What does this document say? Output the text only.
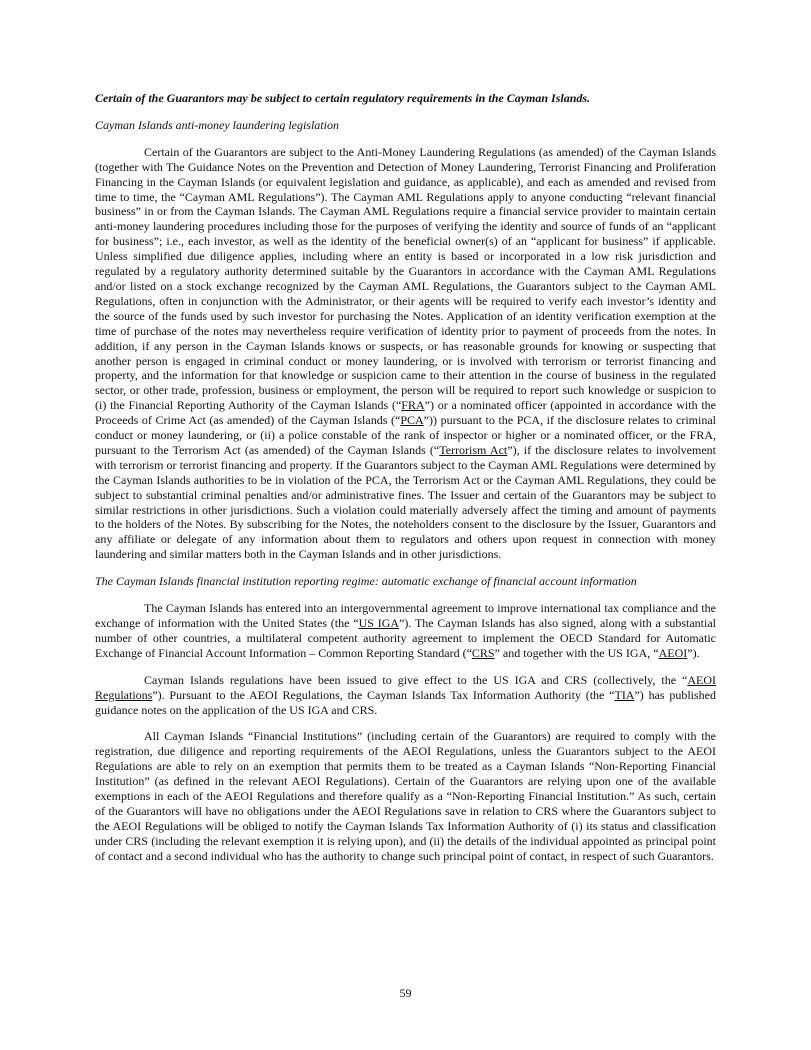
Certain of the Guarantors may be subject to certain regulatory requirements in the Cayman Islands.
Cayman Islands anti-money laundering legislation
Certain of the Guarantors are subject to the Anti-Money Laundering Regulations (as amended) of the Cayman Islands (together with The Guidance Notes on the Prevention and Detection of Money Laundering, Terrorist Financing and Proliferation Financing in the Cayman Islands (or equivalent legislation and guidance, as applicable), and each as amended and revised from time to time, the “Cayman AML Regulations”). The Cayman AML Regulations apply to anyone conducting “relevant financial business” in or from the Cayman Islands. The Cayman AML Regulations require a financial service provider to maintain certain anti-money laundering procedures including those for the purposes of verifying the identity and source of funds of an “applicant for business”; i.e., each investor, as well as the identity of the beneficial owner(s) of an “applicant for business” if applicable. Unless simplified due diligence applies, including where an entity is based or incorporated in a low risk jurisdiction and regulated by a regulatory authority determined suitable by the Guarantors in accordance with the Cayman AML Regulations and/or listed on a stock exchange recognized by the Cayman AML Regulations, the Guarantors subject to the Cayman AML Regulations, often in conjunction with the Administrator, or their agents will be required to verify each investor’s identity and the source of the funds used by such investor for purchasing the Notes. Application of an identity verification exemption at the time of purchase of the notes may nevertheless require verification of identity prior to payment of proceeds from the notes. In addition, if any person in the Cayman Islands knows or suspects, or has reasonable grounds for knowing or suspecting that another person is engaged in criminal conduct or money laundering, or is involved with terrorism or terrorist financing and property, and the information for that knowledge or suspicion came to their attention in the course of business in the regulated sector, or other trade, profession, business or employment, the person will be required to report such knowledge or suspicion to (i) the Financial Reporting Authority of the Cayman Islands (“FRA”) or a nominated officer (appointed in accordance with the Proceeds of Crime Act (as amended) of the Cayman Islands (“PCA”)) pursuant to the PCA, if the disclosure relates to criminal conduct or money laundering, or (ii) a police constable of the rank of inspector or higher or a nominated officer, or the FRA, pursuant to the Terrorism Act (as amended) of the Cayman Islands (“Terrorism Act”), if the disclosure relates to involvement with terrorism or terrorist financing and property. If the Guarantors subject to the Cayman AML Regulations were determined by the Cayman Islands authorities to be in violation of the PCA, the Terrorism Act or the Cayman AML Regulations, they could be subject to substantial criminal penalties and/or administrative fines. The Issuer and certain of the Guarantors may be subject to similar restrictions in other jurisdictions. Such a violation could materially adversely affect the timing and amount of payments to the holders of the Notes. By subscribing for the Notes, the noteholders consent to the disclosure by the Issuer, Guarantors and any affiliate or delegate of any information about them to regulators and others upon request in connection with money laundering and similar matters both in the Cayman Islands and in other jurisdictions.
The Cayman Islands financial institution reporting regime: automatic exchange of financial account information
The Cayman Islands has entered into an intergovernmental agreement to improve international tax compliance and the exchange of information with the United States (the “US IGA”). The Cayman Islands has also signed, along with a substantial number of other countries, a multilateral competent authority agreement to implement the OECD Standard for Automatic Exchange of Financial Account Information – Common Reporting Standard (“CRS” and together with the US IGA, “AEOI”).
Cayman Islands regulations have been issued to give effect to the US IGA and CRS (collectively, the “AEOI Regulations”). Pursuant to the AEOI Regulations, the Cayman Islands Tax Information Authority (the “TIA”) has published guidance notes on the application of the US IGA and CRS.
All Cayman Islands “Financial Institutions” (including certain of the Guarantors) are required to comply with the registration, due diligence and reporting requirements of the AEOI Regulations, unless the Guarantors subject to the AEOI Regulations are able to rely on an exemption that permits them to be treated as a Cayman Islands “Non-Reporting Financial Institution” (as defined in the relevant AEOI Regulations). Certain of the Guarantors are relying upon one of the available exemptions in each of the AEOI Regulations and therefore qualify as a “Non-Reporting Financial Institution.” As such, certain of the Guarantors will have no obligations under the AEOI Regulations save in relation to CRS where the Guarantors subject to the AEOI Regulations will be obliged to notify the Cayman Islands Tax Information Authority of (i) its status and classification under CRS (including the relevant exemption it is relying upon), and (ii) the details of the individual appointed as principal point of contact and a second individual who has the authority to change such principal point of contact, in respect of such Guarantors.
59
